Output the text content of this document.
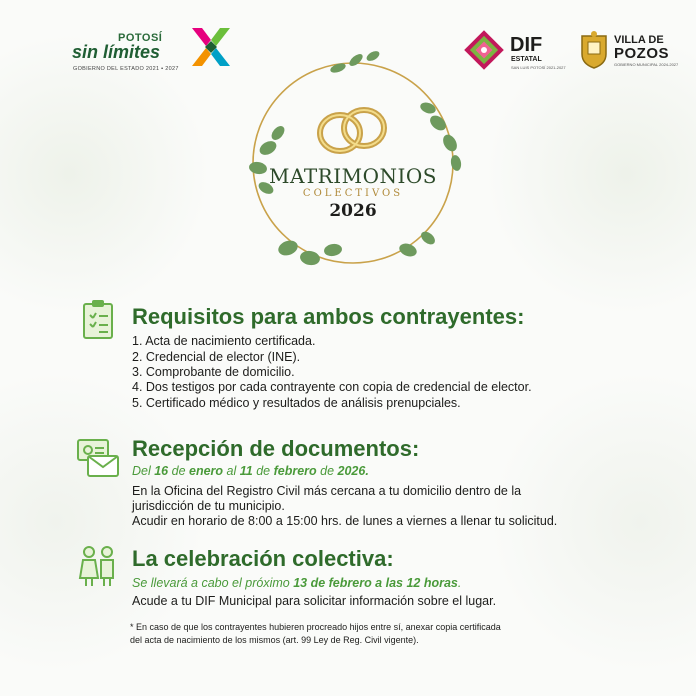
POTOSÍ
sin límites
GOBIERNO DEL ESTADO 2021 ▪ 2027
DIF
ESTATAL
SAN LUIS POTOSÍ 2021-2027
VILLA DE
POZOS
GOBIERNO MUNICIPAL 2024-2027
MATRIMONIOS
COLECTIVOS
2026
Requisitos para ambos contrayentes:
1. Acta de nacimiento certificada.
2. Credencial de elector (INE).
3. Comprobante de domicilio.
4. Dos testigos por cada contrayente con copia de credencial de elector.
5. Certificado médico y resultados de análisis prenupciales.
Recepción de documentos:
Del 16 de enero al 11 de febrero de 2026.
En la Oficina del Registro Civil más cercana a tu domicilio dentro de la
jurisdicción de tu municipio.
Acudir en horario de 8:00 a 15:00 hrs. de lunes a viernes a llenar tu solicitud.
La celebración colectiva:
Se llevará a cabo el próximo 13 de febrero a las 12 horas.
Acude a tu DIF Municipal para solicitar información sobre el lugar.
* En caso de que los contrayentes hubieren procreado hijos entre sí, anexar copia certificada
del acta de nacimiento de los mismos (art. 99 Ley de Reg. Civil vigente).
